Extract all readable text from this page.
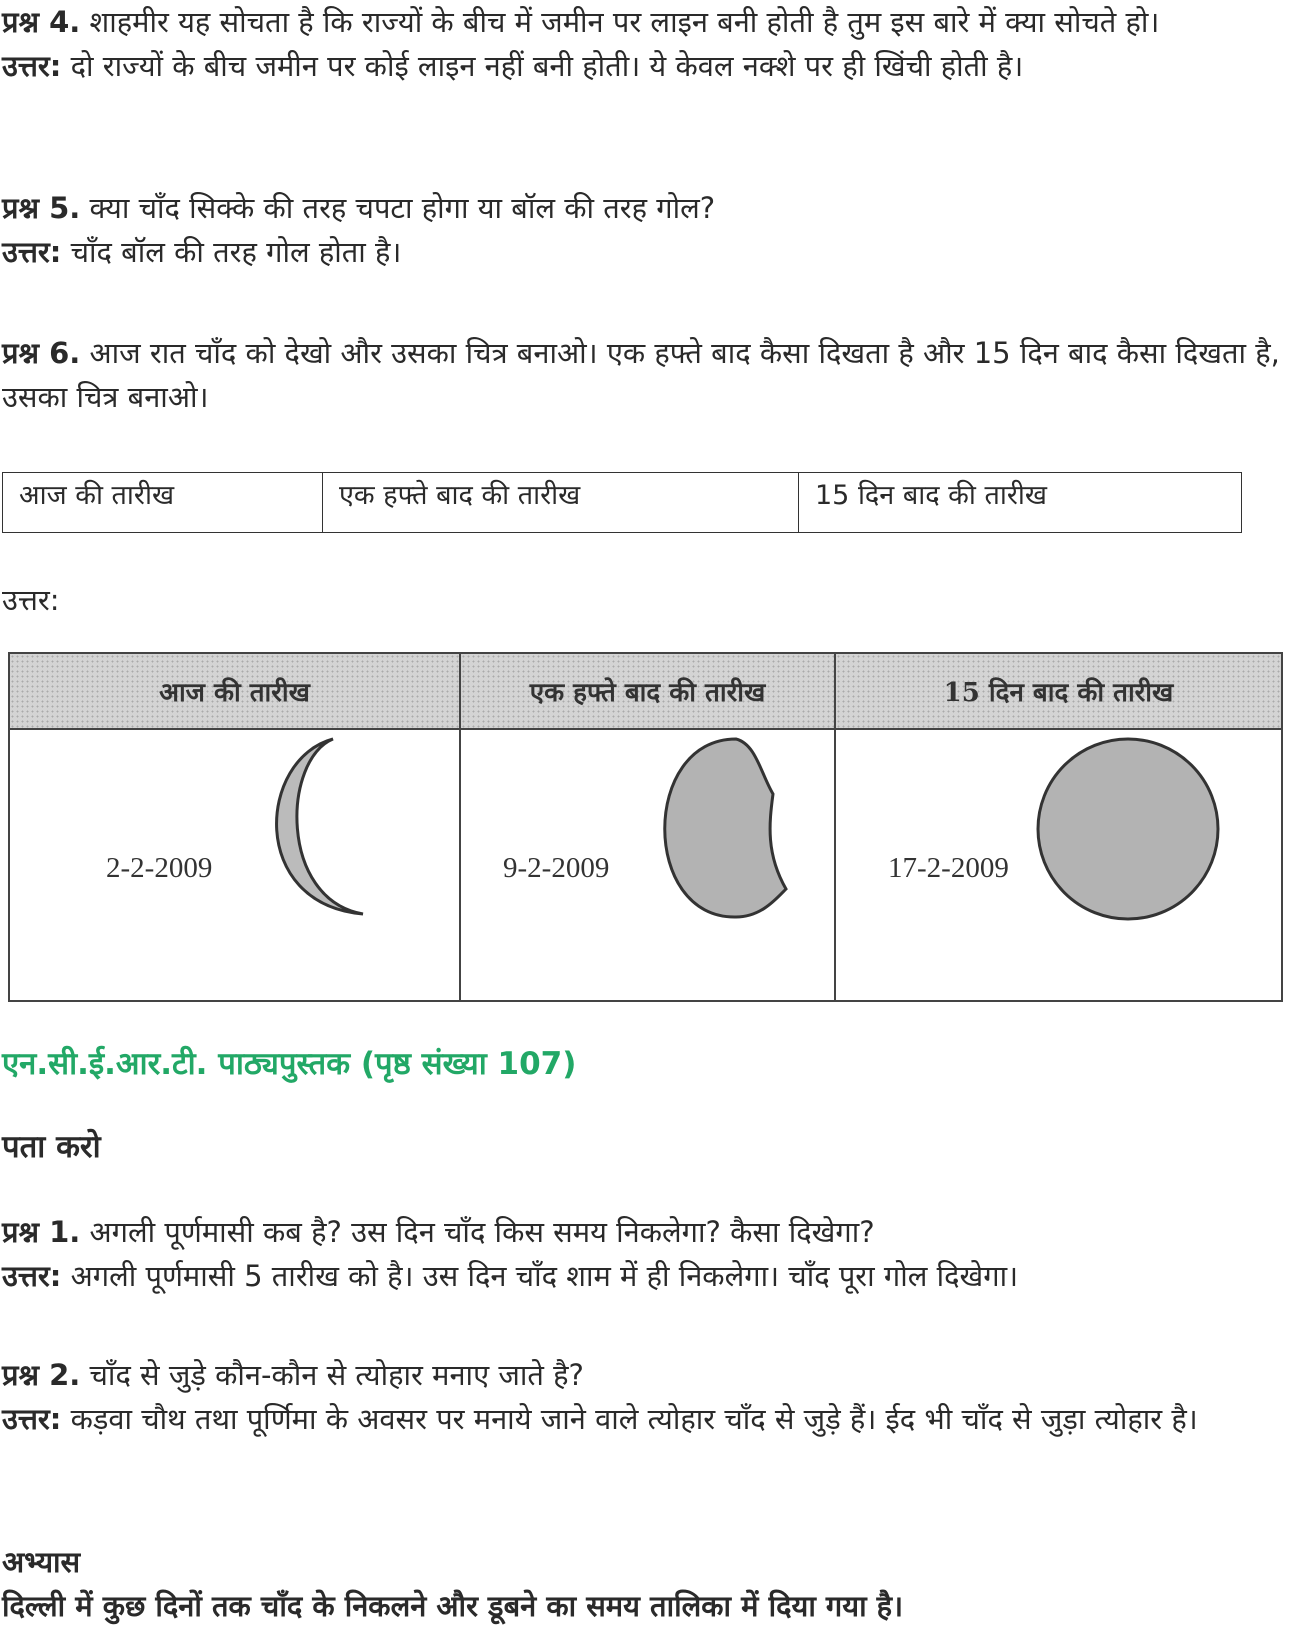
प्रश्न 4. शाहमीर यह सोचता है कि राज्यों के बीच में जमीन पर लाइन बनी होती है तुम इस बारे में क्या सोचते हो।
उत्तर: दो राज्यों के बीच जमीन पर कोई लाइन नहीं बनी होती। ये केवल नक्शे पर ही खिंची होती है।
प्रश्न 5. क्या चाँद सिक्के की तरह चपटा होगा या बॉल की तरह गोल?
उत्तर: चाँद बॉल की तरह गोल होता है।
प्रश्न 6. आज रात चाँद को देखो और उसका चित्र बनाओ। एक हफ्ते बाद कैसा दिखता है और 15 दिन बाद कैसा दिखता है, उसका चित्र बनाओ।
आज की तारीख	एक हफ्ते बाद की तारीख	15 दिन बाद की तारीख
उत्तर:
आज की तारीख
2-2-2009
एक हफ्ते बाद की तारीख
9-2-2009
15 दिन बाद की तारीख
17-2-2009
एन.सी.ई.आर.टी. पाठ्यपुस्तक (पृष्ठ संख्या 107)
पता करो
प्रश्न 1. अगली पूर्णमासी कब है? उस दिन चाँद किस समय निकलेगा? कैसा दिखेगा?
उत्तर: अगली पूर्णमासी 5 तारीख को है। उस दिन चाँद शाम में ही निकलेगा। चाँद पूरा गोल दिखेगा।
प्रश्न 2. चाँद से जुड़े कौन-कौन से त्योहार मनाए जाते है?
उत्तर: कड़वा चौथ तथा पूर्णिमा के अवसर पर मनाये जाने वाले त्योहार चाँद से जुड़े हैं। ईद भी चाँद से जुड़ा त्योहार है।
अभ्यास
दिल्ली में कुछ दिनों तक चाँद के निकलने और डूबने का समय तालिका में दिया गया है।
